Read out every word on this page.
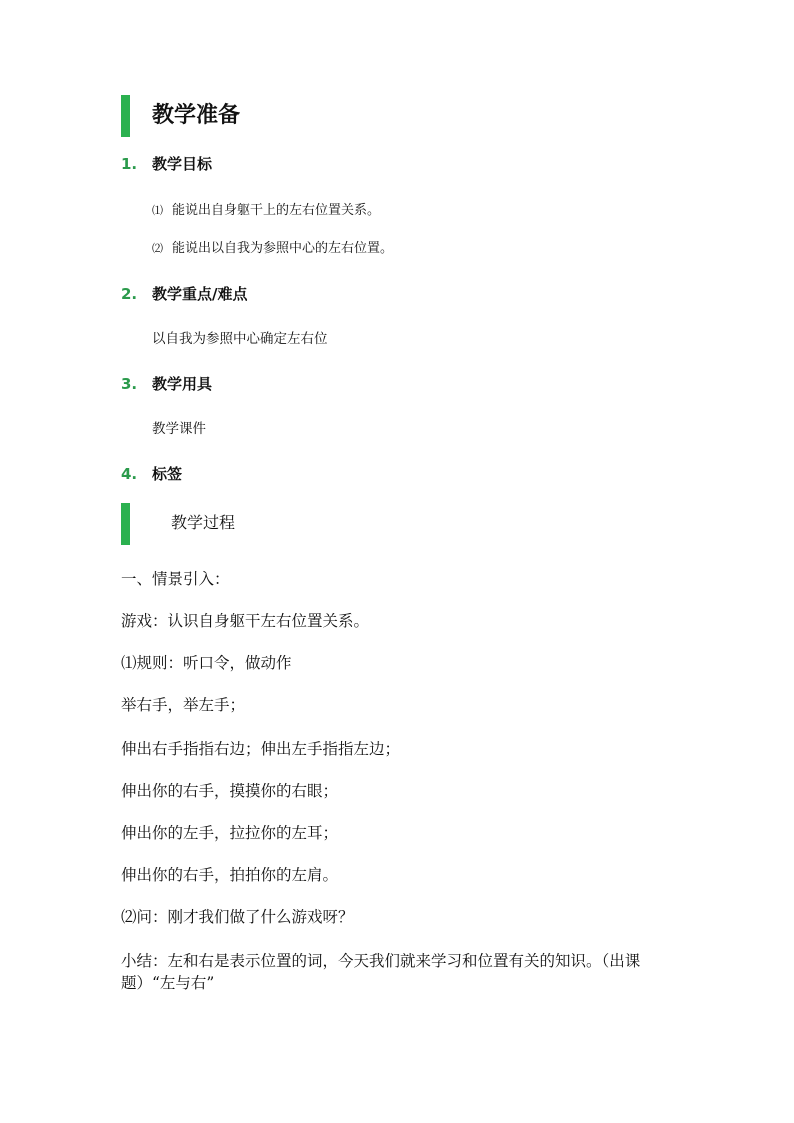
教学准备
1. 教学目标
⑴ 能说出自身躯干上的左右位置关系。
⑵ 能说出以自我为参照中心的左右位置。
2. 教学重点/难点
以自我为参照中心确定左右位
3. 教学用具
教学课件
4. 标签
教学过程
一、情景引入：
游戏：认识自身躯干左右位置关系。
⑴规则：听口令，做动作
举右手，举左手；
伸出右手指指右边；伸出左手指指左边；
伸出你的右手，摸摸你的右眼；
伸出你的左手，拉拉你的左耳；
伸出你的右手，拍拍你的左肩。
⑵问：刚才我们做了什么游戏呀？
小结：左和右是表示位置的词，今天我们就来学习和位置有关的知识。（出课题）“左与右”
